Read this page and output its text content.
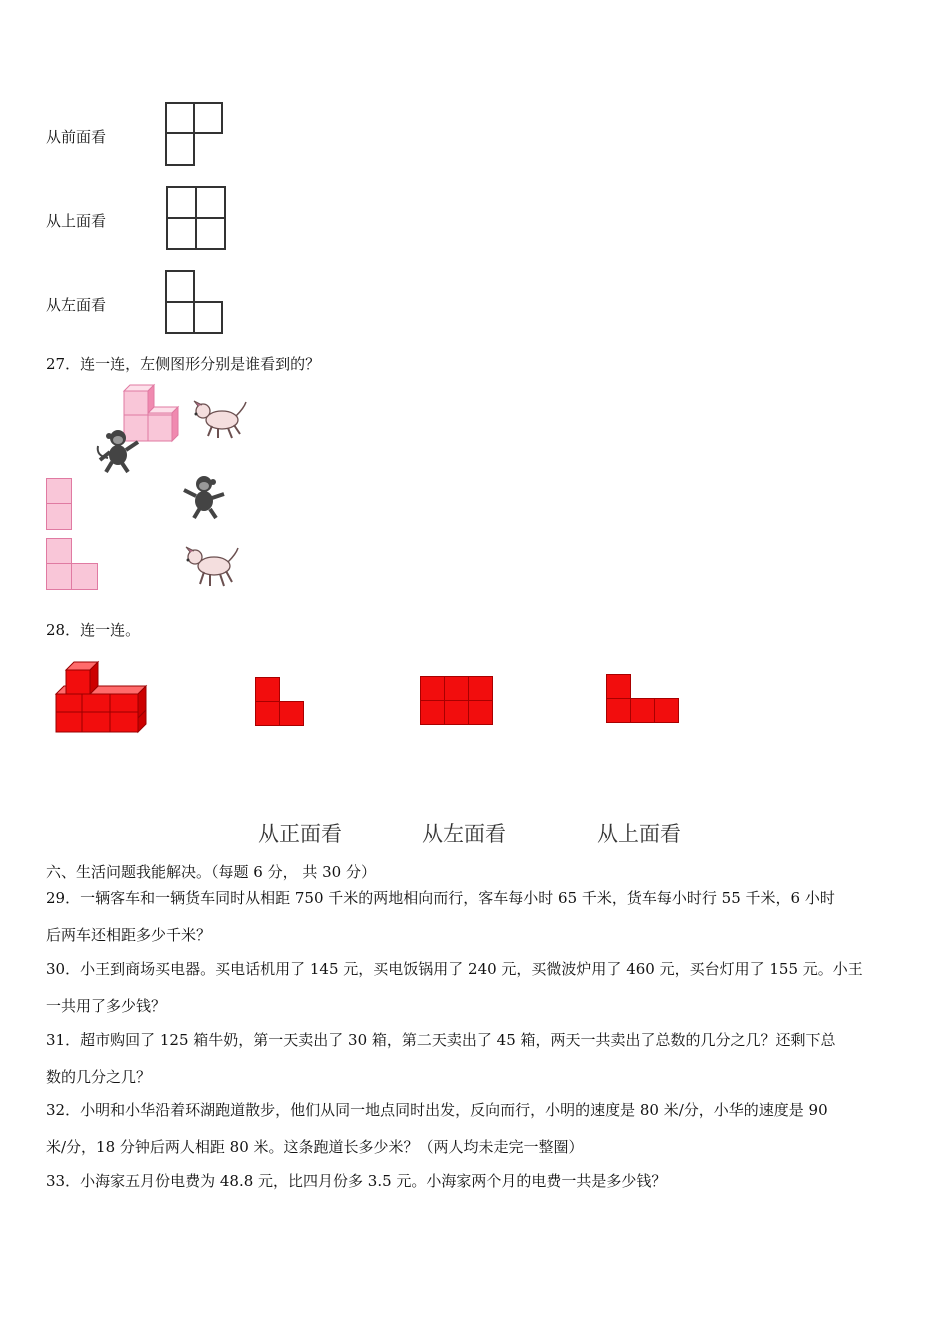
从前面看
从上面看
从左面看
27．连一连，左侧图形分别是谁看到的？
28．连一连。
从正面看	从左面看	从上面看
六、生活问题我能解决。（每题 6 分， 共 30 分）
29．一辆客车和一辆货车同时从相距 750 千米的两地相向而行，客车每小时 65 千米，货车每小时行 55 千米，6 小时
后两车还相距多少千米？
30．小王到商场买电器。买电话机用了 145 元，买电饭锅用了 240 元，买微波炉用了 460 元，买台灯用了 155 元。小王
一共用了多少钱？
31．超市购回了 125 箱牛奶，第一天卖出了 30 箱，第二天卖出了 45 箱，两天一共卖出了总数的几分之几？还剩下总
数的几分之几？
32．小明和小华沿着环湖跑道散步，他们从同一地点同时出发，反向而行，小明的速度是 80 米/分，小华的速度是 90
米/分，18 分钟后两人相距 80 米。这条跑道长多少米？（两人均未走完一整圈）
33．小海家五月份电费为 48.8 元，比四月份多 3.5 元。小海家两个月的电费一共是多少钱？
